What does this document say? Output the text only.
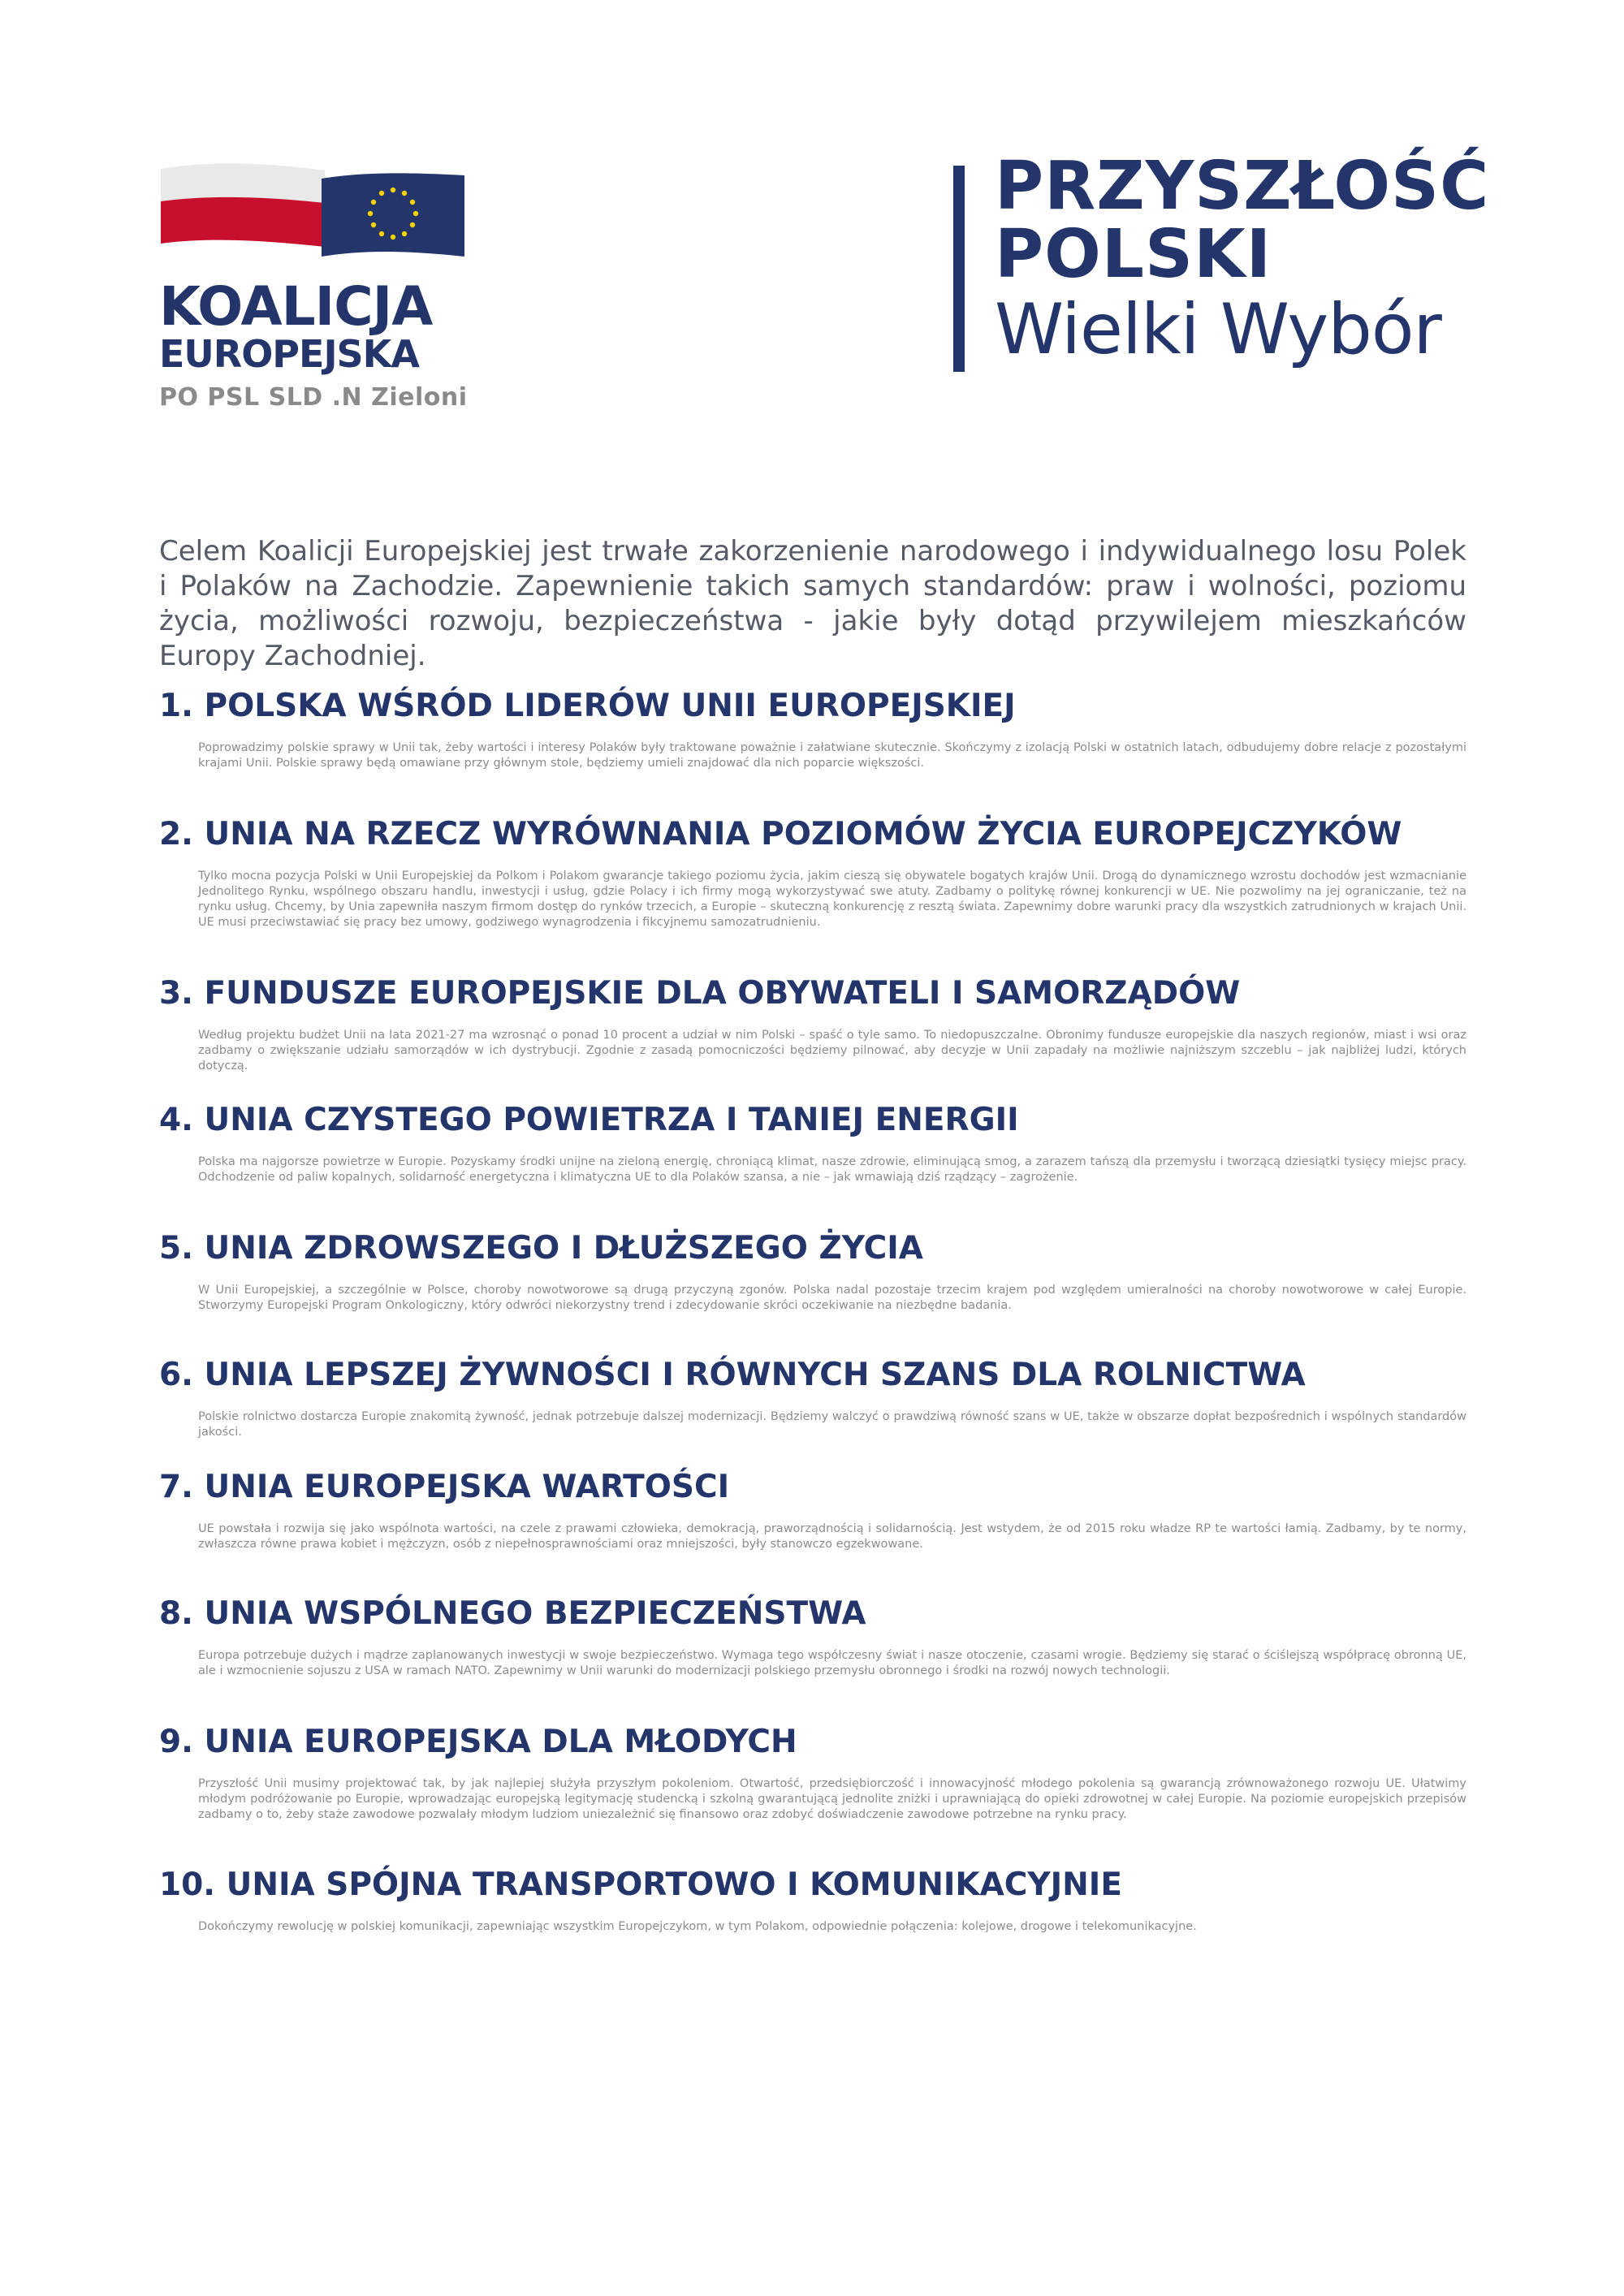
KOALICJA
EUROPEJSKA
PO PSL SLD .N Zieloni
PRZYSZŁOŚĆ
POLSKI
Wielki Wybór
Celem Koalicji Europejskiej jest trwałe zakorzenienie narodowego i indywidualnego losu Polek i Polaków na Zachodzie. Zapewnienie takich samych standardów: praw i wolności, poziomu życia, możliwości rozwoju, bezpieczeństwa - jakie były dotąd przywilejem mieszkańców Europy Zachodniej.
1. POLSKA WŚRÓD LIDERÓW UNII EUROPEJSKIEJ

Poprowadzimy polskie sprawy w Unii tak, żeby wartości i interesy Polaków były traktowane poważnie i załatwiane skutecznie. Skończymy z izolacją Polski w ostatnich latach, odbudujemy dobre relacje z pozostałymi krajami Unii. Polskie sprawy będą omawiane przy głównym stole, będziemy umieli znajdować dla nich poparcie większości.

2. UNIA NA RZECZ WYRÓWNANIA POZIOMÓW ŻYCIA EUROPEJCZYKÓW

Tylko mocna pozycja Polski w Unii Europejskiej da Polkom i Polakom gwarancje takiego poziomu życia, jakim cieszą się obywatele bogatych krajów Unii. Drogą do dynamicznego wzrostu dochodów jest wzmacnianie Jednolitego Rynku, wspólnego obszaru handlu, inwestycji i usług, gdzie Polacy i ich firmy mogą wykorzystywać swe atuty. Zadbamy o politykę równej konkurencji w UE. Nie pozwolimy na jej ograniczanie, też na rynku usług. Chcemy, by Unia zapewniła naszym firmom dostęp do rynków trzecich, a Europie – skuteczną konkurencję z resztą świata. Zapewnimy dobre warunki pracy dla wszystkich zatrudnionych w krajach Unii. UE musi przeciwstawiać się pracy bez umowy, godziwego wynagrodzenia i fikcyjnemu samozatrudnieniu.

3. FUNDUSZE EUROPEJSKIE DLA OBYWATELI I SAMORZĄDÓW

Według projektu budżet Unii na lata 2021-27 ma wzrosnąć o ponad 10 procent a udział w nim Polski – spaść o tyle samo. To niedopuszczalne. Obronimy fundusze europejskie dla naszych regionów, miast i wsi oraz zadbamy o zwiększanie udziału samorządów w ich dystrybucji. Zgodnie z zasadą pomocniczości będziemy pilnować, aby decyzje w Unii zapadały na możliwie najniższym szczeblu – jak najbliżej ludzi, których dotyczą.

4. UNIA CZYSTEGO POWIETRZA I TANIEJ ENERGII

Polska ma najgorsze powietrze w Europie. Pozyskamy środki unijne na zieloną energię, chroniącą klimat, nasze zdrowie, eliminującą smog, a zarazem tańszą dla przemysłu i tworzącą dziesiątki tysięcy miejsc pracy. Odchodzenie od paliw kopalnych, solidarność energetyczna i klimatyczna UE to dla Polaków szansa, a nie – jak wmawiają dziś rządzący – zagrożenie.

5. UNIA ZDROWSZEGO I DŁUŻSZEGO ŻYCIA

W Unii Europejskiej, a szczególnie w Polsce, choroby nowotworowe są drugą przyczyną zgonów. Polska nadal pozostaje trzecim krajem pod względem umieralności na choroby nowotworowe w całej Europie. Stworzymy Europejski Program Onkologiczny, który odwróci niekorzystny trend i zdecydowanie skróci oczekiwanie na niezbędne badania.

6. UNIA LEPSZEJ ŻYWNOŚCI I RÓWNYCH SZANS DLA ROLNICTWA

Polskie rolnictwo dostarcza Europie znakomitą żywność, jednak potrzebuje dalszej modernizacji. Będziemy walczyć o prawdziwą równość szans w UE, także w obszarze dopłat bezpośrednich i wspólnych standardów jakości.

7. UNIA EUROPEJSKA WARTOŚCI

UE powstała i rozwija się jako wspólnota wartości, na czele z prawami człowieka, demokracją, praworządnością i solidarnością. Jest wstydem, że od 2015 roku władze RP te wartości łamią. Zadbamy, by te normy, zwłaszcza równe prawa kobiet i mężczyzn, osób z niepełnosprawnościami oraz mniejszości, były stanowczo egzekwowane.

8. UNIA WSPÓLNEGO BEZPIECZEŃSTWA

Europa potrzebuje dużych i mądrze zaplanowanych inwestycji w swoje bezpieczeństwo. Wymaga tego współczesny świat i nasze otoczenie, czasami wrogie. Będziemy się starać o ściślejszą współpracę obronną UE, ale i wzmocnienie sojuszu z USA w ramach NATO. Zapewnimy w Unii warunki do modernizacji polskiego przemysłu obronnego i środki na rozwój nowych technologii.

9. UNIA EUROPEJSKA DLA MŁODYCH

Przyszłość Unii musimy projektować tak, by jak najlepiej służyła przyszłym pokoleniom. Otwartość, przedsiębiorczość i innowacyjność młodego pokolenia są gwarancją zrównoważonego rozwoju UE. Ułatwimy młodym podróżowanie po Europie, wprowadzając europejską legitymację studencką i szkolną gwarantującą jednolite zniżki i uprawniającą do opieki zdrowotnej w całej Europie. Na poziomie europejskich przepisów zadbamy o to, żeby staże zawodowe pozwalały młodym ludziom uniezależnić się finansowo oraz zdobyć doświadczenie zawodowe potrzebne na rynku pracy.

10. UNIA SPÓJNA TRANSPORTOWO I KOMUNIKACYJNIE

Dokończymy rewolucję w polskiej komunikacji, zapewniając wszystkim Europejczykom, w tym Polakom, odpowiednie połączenia: kolejowe, drogowe i telekomunikacyjne.
